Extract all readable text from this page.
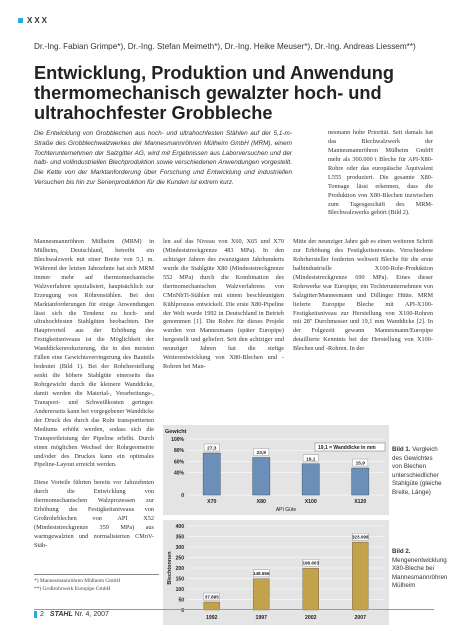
XXX
Dr.-Ing. Fabian Grimpe*), Dr.-Ing. Stefan Meimeth*), Dr.-Ing. Heike Meuser*), Dr.-Ing. Andreas Liessem**)
Entwicklung, Produktion und Anwendung thermomechanisch gewalzter hoch- und ultrahochfester Grobbleche
Die Entwicklung von Grobblechen aus hoch- und ultrahochfesten Stählen auf der 5,1-m-Straße des Grobblechwalzwerkes der Mannesmannröhren Mülheim GmbH (MRM), einem Tochterunternehmen der Salzgitter AG, wird mit Ergebnissen aus Laborversuchen und der halb- und vollindustriellen Blechproduktion sowie verschiedenen Anwendungen vorgestellt. Die Kette von der Marktanforderung über Forschung und Entwicklung und industriellen Versuchen bis hin zur Serienproduktion für die Kunden ist extrem kurz.
nesmann hohe Priorität. Seit damals hat das Blechwalzwerk der Mannesmannröhren Mülheim GmbH mehr als 300.000 t Bleche für API-X80-Rohre oder das europäische Äquivalent L555 produziert. Die gesamte X80-Tonnage lässt erkennen, dass die Produktion von X80-Blechen inzwischen zum Tagesgeschäft des MRM-Blechwalzwerks gehört (Bild 2).

Mannesmannröhren Mülheim (MRM) in Mülheim, Deutschland, betreibt ein Blechwalzwerk mit einer Breite von 5,1 m. Während der letzten Jahrzehnte hat sich MRM immer mehr auf thermomechanische Walzverfahren spezialisiert, hauptsächlich zur Erzeugung von Röhrenstählen. Bei den Marktanforderungen für einige Anwendungen lässt sich die Tendenz zu hoch- und ultrahochfesten Stahlgüten beobachten. Der Hauptvorteil aus der Erhöhung des Festigkeitsniveaus ist die Möglichkeit der Wanddickenreduzierung, die in den meisten Fällen eine Gewichtsverringerung des Bauteils bedeutet (Bild 1). Bei der Rohrherstellung senkt die höhere Stahlgüte einerseits das Rohrgewicht durch die kleinere Wanddicke, damit werden die Material-, Verarbeitungs-, Transport- und Schweißkosten geringer. Andererseits kann bei vorgegebener Wanddicke der Druck des durch das Rohr transportierten Mediums erhöht werden, sodass sich die Transportleistung der Pipeline erhöht. Durch einen möglichen Wechsel der Rohrgeometrie und/oder des Druckes kann ein optimales Pipeline-Layout erreicht werden.

Diese Vorteile führten bereits vor Jahrzehnten durch die Entwicklung von thermomechanischen Walzprozessen zur Erhöhung des Festigkeitsniveaus von Großrohrblechen von API X52 (Mindeststreckgrenze 359 MPa) aus warmgewalzten und normalisierten CMnV-Stäh-

len auf das Niveau von X60, X65 und X70 (Mindeststreckgrenze 483 MPa). In den achtziger Jahren des zwanzigsten Jahrhunderts wurde die Stahlgüte X80 (Mindeststreckgrenze 552 MPa) durch die Kombination des thermomechanischen Walzverfahrens von CMnNbTi-Stählen mit einem beschleunigten Kühlprozess entwickelt. Die erste X80-Pipeline der Welt wurde 1992 in Deutschland in Betrieb genommen [1]. Die Rohre für dieses Projekt wurden von Mannesmann (später Europipe) hergestellt und geliefert. Seit den achtziger und neunziger Jahren hat die stetige Weiterentwicklung von X80-Blechen und -Rohren bei Man-

Mitte der neunziger Jahre gab es einen weiteren Schritt zur Erhöhung des Festigkeitsniveaus. Verschiedene Rohrhersteller forderten weltweit Bleche für die erste halbindustrielle X100-Rohr-Produktion (Mindeststreckgrenze 690 MPa). Eines dieser Rohrwerke war Europipe, ein Tochterunternehmen von Salzgitter/Mannesmann und Dillinger Hütte. MRM lieferte Europipe Bleche mit API-X100-Festigkeitsniveau zur Herstellung von X100-Rohren mit 28" Durchmesser und 19,1 mm Wanddicke [2]. In der Folgezeit gewann Mannesmann/Europipe detaillierte Kenntnis bei der Herstellung von X100-Blechen und -Rohren. In der

Gewicht
0
40%
60%
80%
100%
27,3
X70
23,9
X80
19,1
X100
15,9
X120
API Güte
19,1 = Wanddicke in mm	Bild 1. Vergleich des Gewichtes von Blechen unterschiedlicher Stahlgüte (gleiche Breite, Länge)
Blechtonnen
0
50
100
150
200
250
300
350
400
37.895
1992
148.656
1997
198.603
2002
323.098
2007
Bild 2. Mengenentwicklung X80-Bleche bei Mannesmannröhren Mülheim
*) Mannesmannröhren Mülheim GmbH
**) Großrohrwerk Europipe GmbH
2 STAHL Nr. 4, 2007
